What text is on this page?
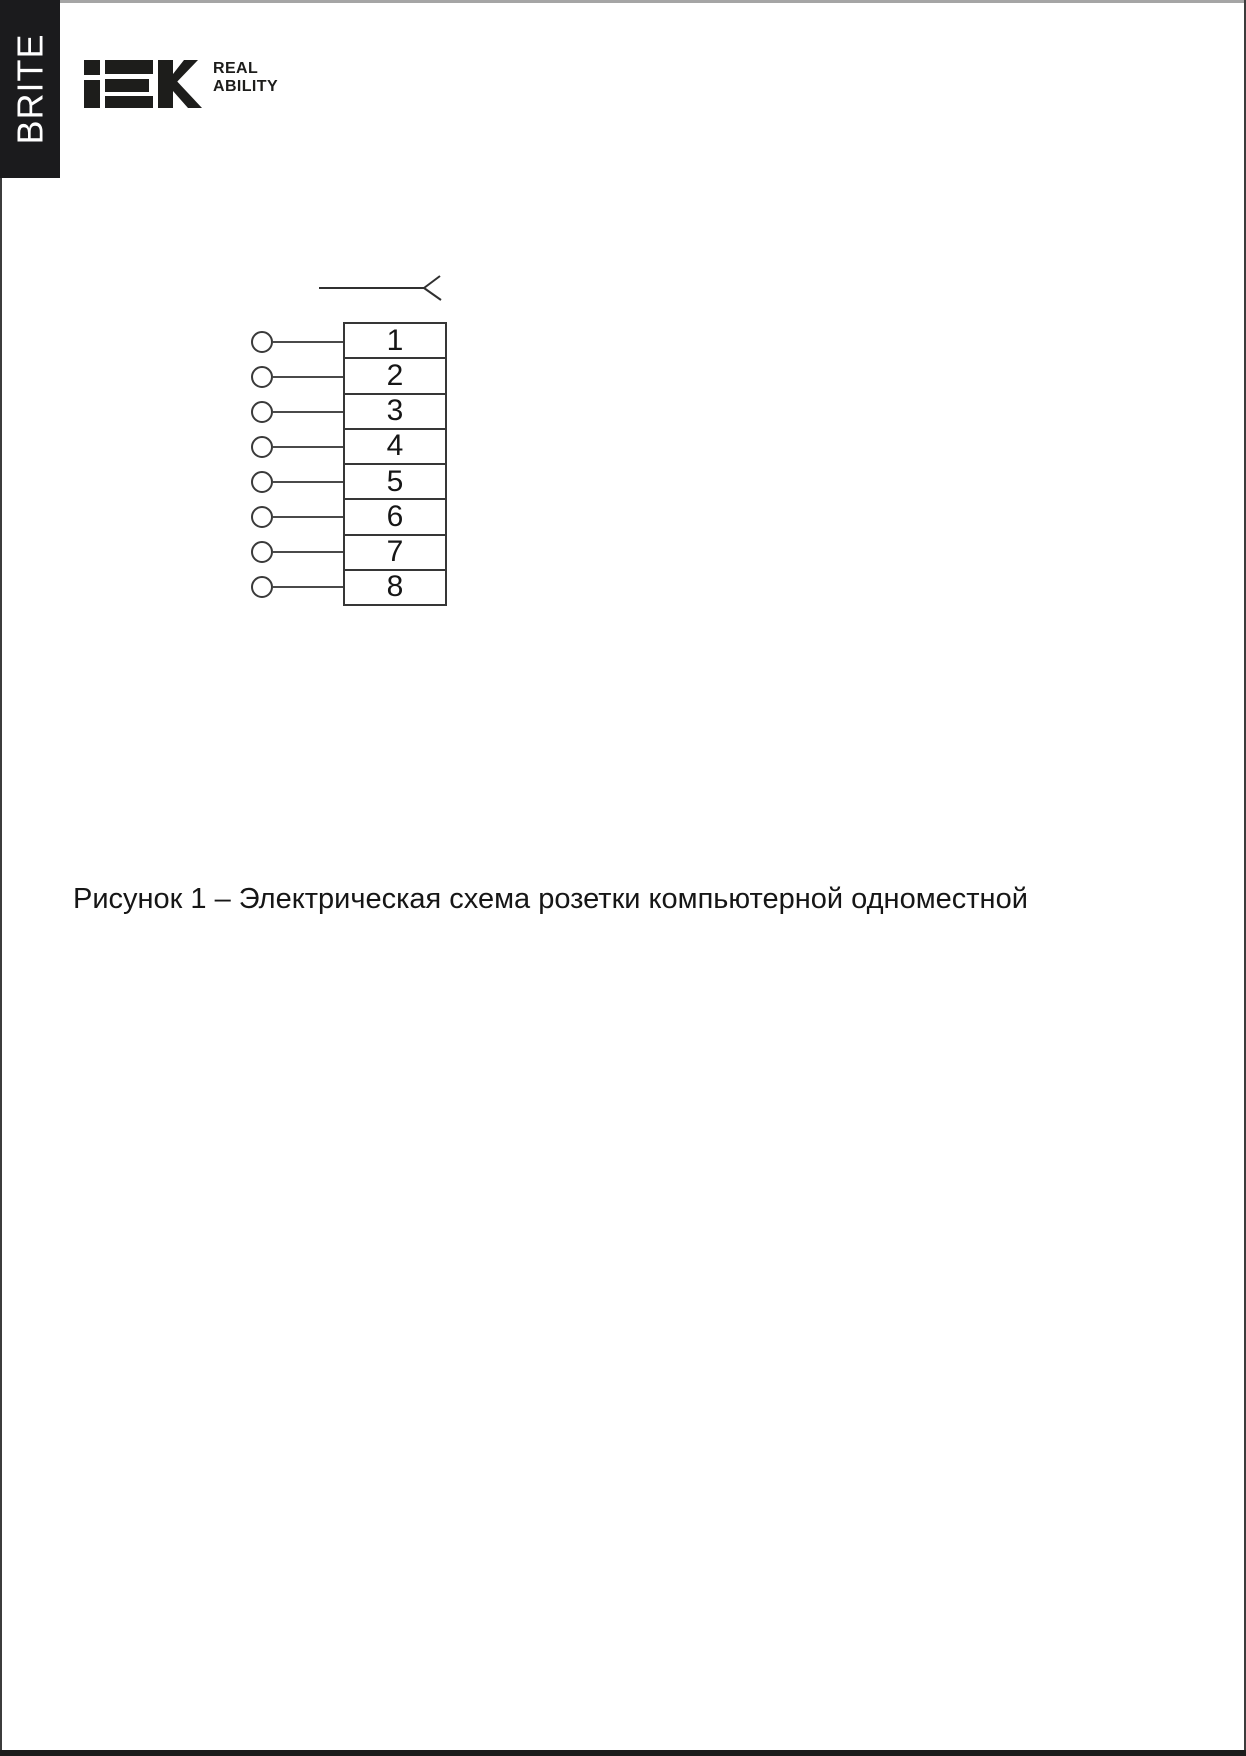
BRITE	REAL
ABILITY
1
2
3
4
5
6
7
8
Рисунок 1 – Электрическая схема розетки компьютерной одноместной
